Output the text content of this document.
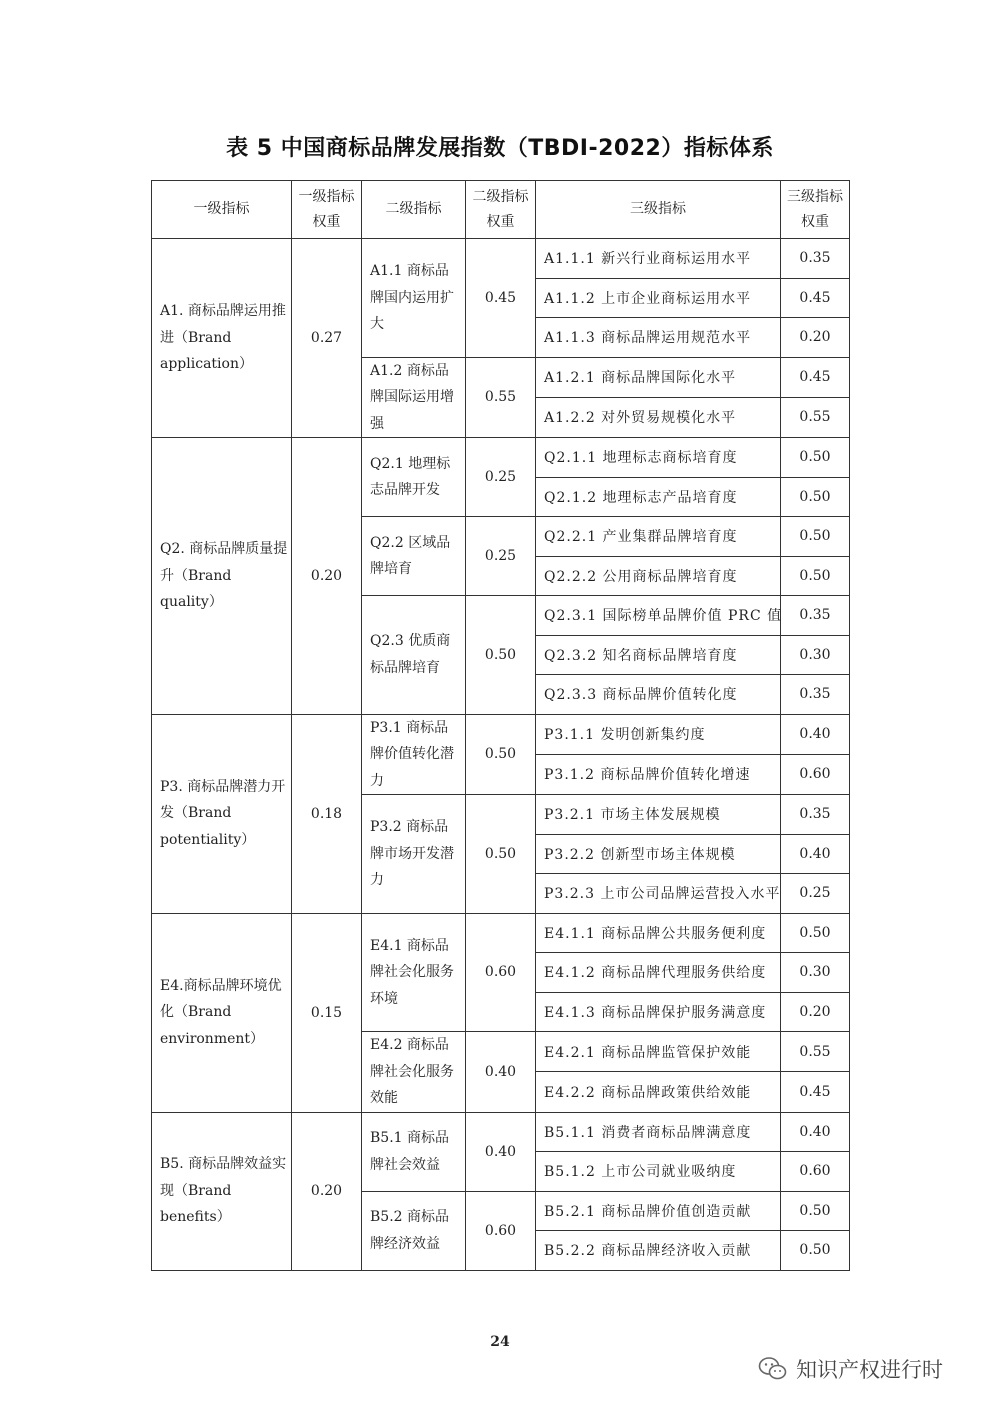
表 5 中国商标品牌发展指数（TBDI-2022）指标体系
一级指标	一级指标权重	二级指标	二级指标权重	三级指标	三级指标权重
A1. 商标品牌运用推进（Brand application）	0.27	A1.1 商标品牌国内运用扩大	0.45	A1.1.1 新兴行业商标运用水平	0.35
				A1.1.2 上市企业商标运用水平	0.45
				A1.1.3 商标品牌运用规范水平	0.20
		A1.2 商标品牌国际运用增强	0.55	A1.2.1 商标品牌国际化水平	0.45
				A1.2.2 对外贸易规模化水平	0.55
Q2. 商标品牌质量提升（Brand quality）	0.20	Q2.1 地理标志品牌开发	0.25	Q2.1.1 地理标志商标培育度	0.50
				Q2.1.2 地理标志产品培育度	0.50
		Q2.2 区域品牌培育	0.25	Q2.2.1 产业集群品牌培育度	0.50
				Q2.2.2 公用商标品牌培育度	0.50
		Q2.3 优质商标品牌培育	0.50	Q2.3.1 国际榜单品牌价值 PRC 值	0.35
				Q2.3.2 知名商标品牌培育度	0.30
				Q2.3.3 商标品牌价值转化度	0.35
P3. 商标品牌潜力开发（Brand potentiality）	0.18	P3.1 商标品牌价值转化潜力	0.50	P3.1.1 发明创新集约度	0.40
				P3.1.2 商标品牌价值转化增速	0.60
		P3.2 商标品牌市场开发潜力	0.50	P3.2.1 市场主体发展规模	0.35
				P3.2.2 创新型市场主体规模	0.40
				P3.2.3 上市公司品牌运营投入水平	0.25
E4.商标品牌环境优化（Brand environment）	0.15	E4.1 商标品牌社会化服务环境	0.60	E4.1.1 商标品牌公共服务便利度	0.50
				E4.1.2 商标品牌代理服务供给度	0.30
				E4.1.3 商标品牌保护服务满意度	0.20
		E4.2 商标品牌社会化服务效能	0.40	E4.2.1 商标品牌监管保护效能	0.55
				E4.2.2 商标品牌政策供给效能	0.45
B5. 商标品牌效益实现（Brand benefits）	0.20	B5.1 商标品牌社会效益	0.40	B5.1.1 消费者商标品牌满意度	0.40
				B5.1.2 上市公司就业吸纳度	0.60
		B5.2 商标品牌经济效益	0.60	B5.2.1 商标品牌价值创造贡献	0.50
				B5.2.2 商标品牌经济收入贡献	0.50
24
知识产权进行时
